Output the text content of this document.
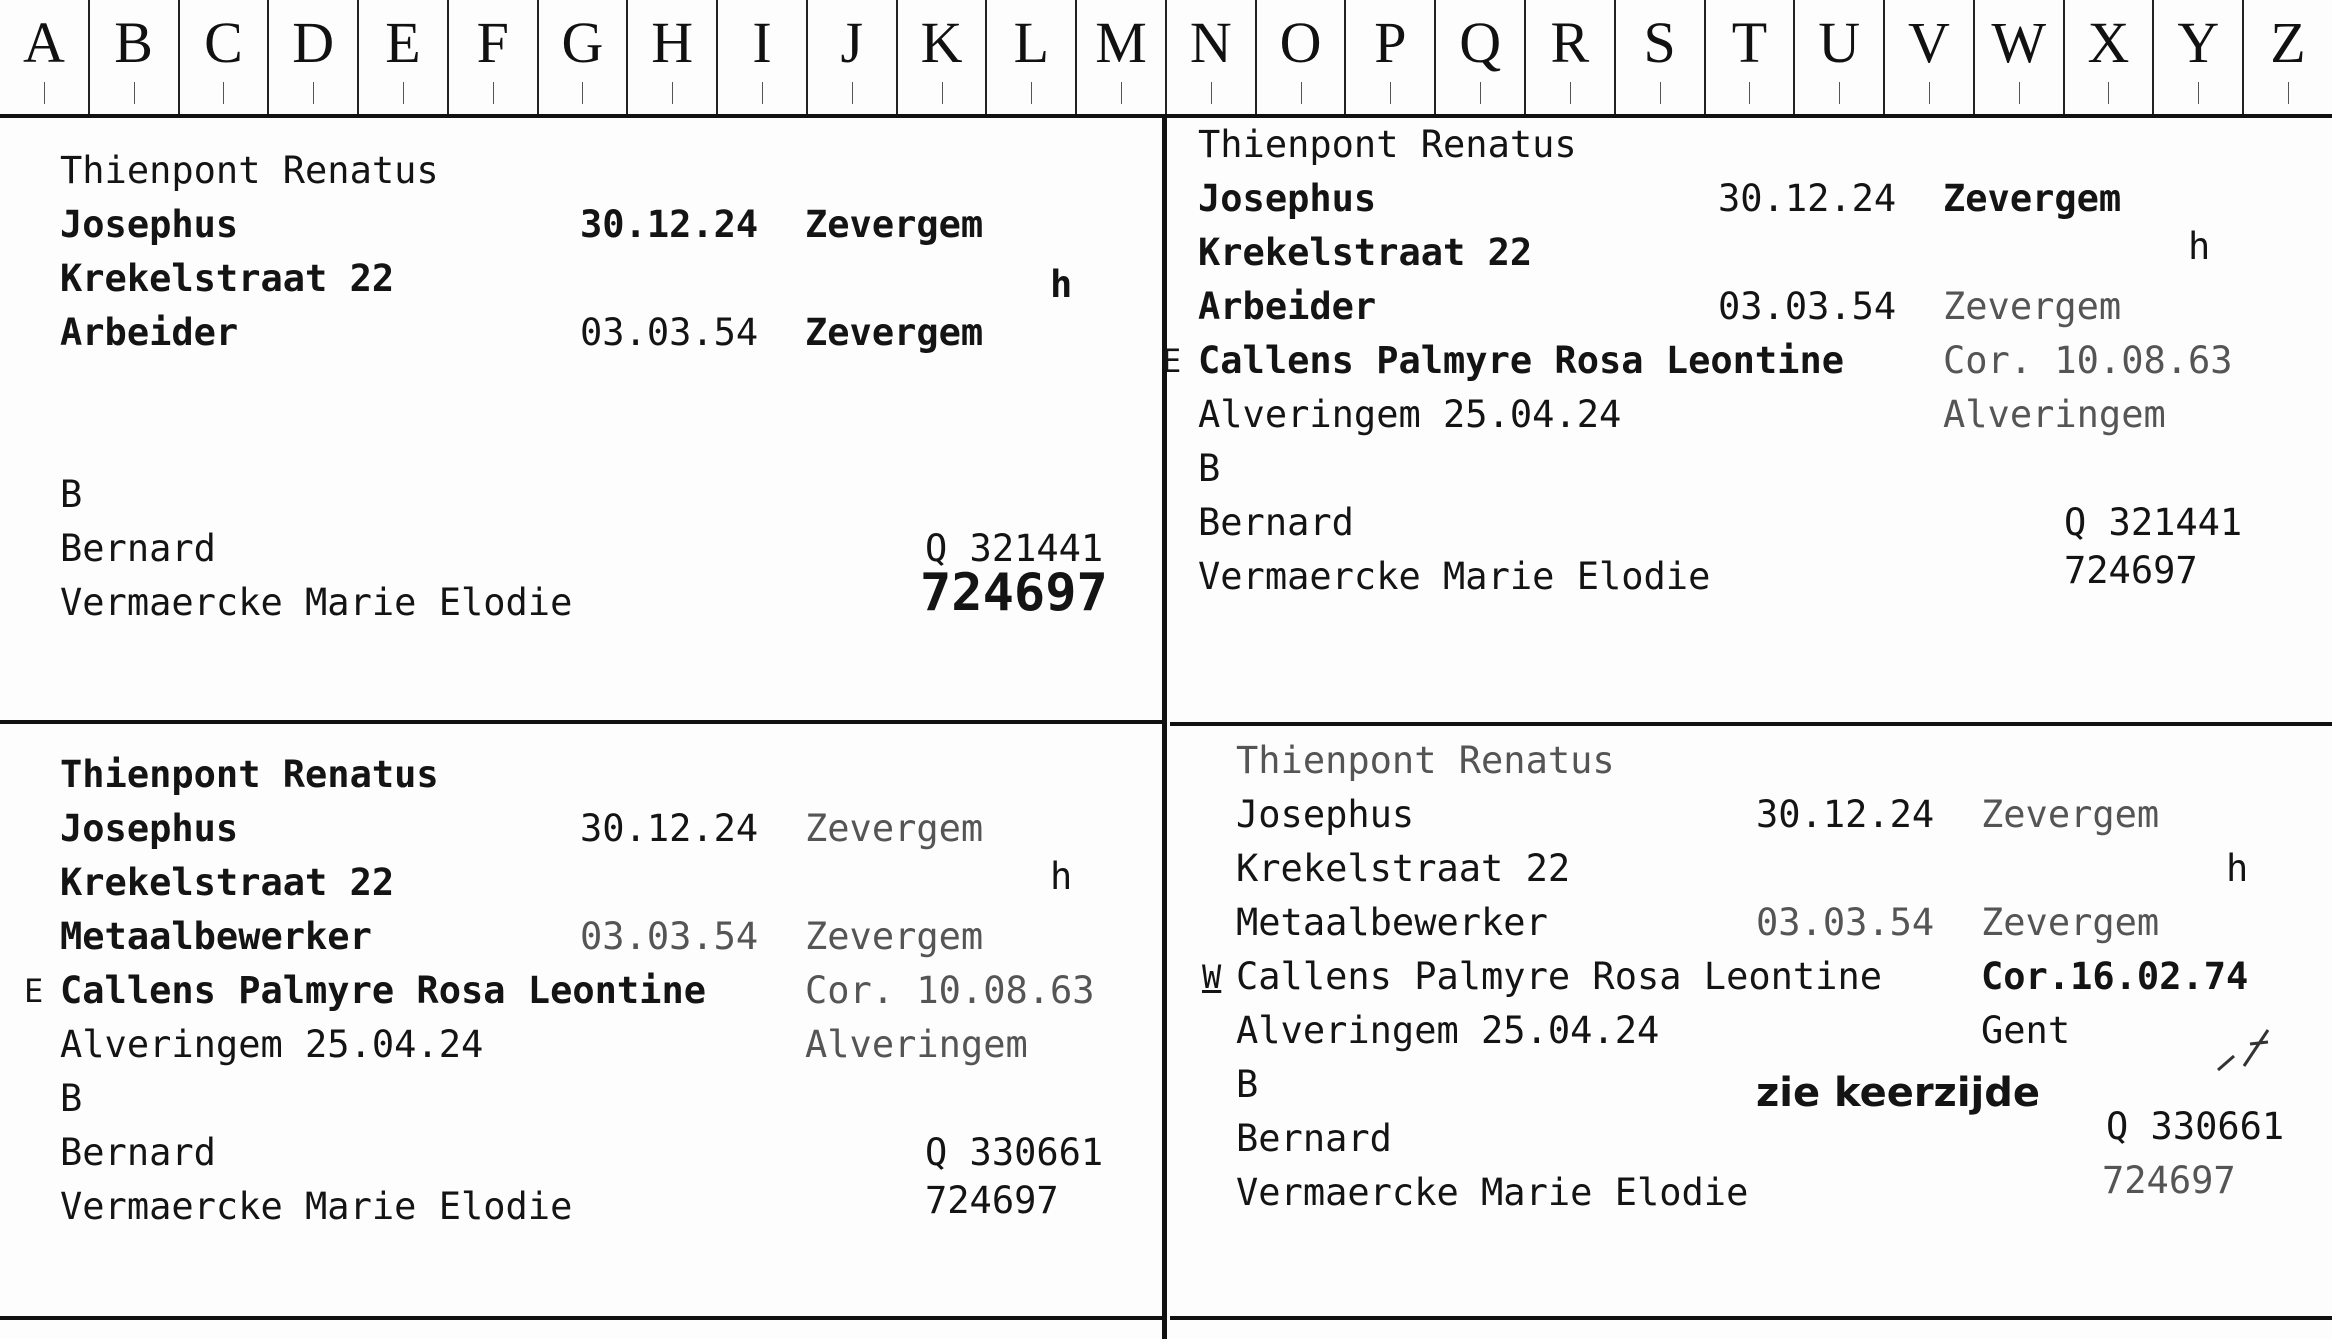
A B C D E F G H	I	J K L M N O P Q R S T U V W X Y Z
Thienpont Renatus
Josephus	30.12.24 Zevergem
Krekelstraat 22	h
Arbeider	03.03.54 Zevergem
B
Bernard	Q 321441
Vermaercke Marie Elodie	724697
Thienpont Renatus
Josephus	30.12.24 Zevergem
Krekelstraat 22	h
Arbeider	03.03.54 Zevergem
E Callens Palmyre Rosa Leontine	Cor. 10.08.63
Alveringem 25.04.24	Alveringem
B
Bernard	Q 321441
Vermaercke Marie Elodie	724697
Thienpont Renatus
Josephus	30.12.24 Zevergem
Krekelstraat 22	h
Metaalbewerker	03.03.54 Zevergem
E Callens Palmyre Rosa Leontine	Cor. 10.08.63
Alveringem 25.04.24	Alveringem
B
Bernard	Q 330661
Vermaercke Marie Elodie	724697
Thienpont Renatus
Josephus	30.12.24 Zevergem
Krekelstraat 22	h
Metaalbewerker	03.03.54 Zevergem
W Callens Palmyre Rosa Leontine	Cor.16.02.74
Alveringem 25.04.24	Gent
B	zie keerzijde
Bernard	Q 330661
Vermaercke Marie Elodie	724697
